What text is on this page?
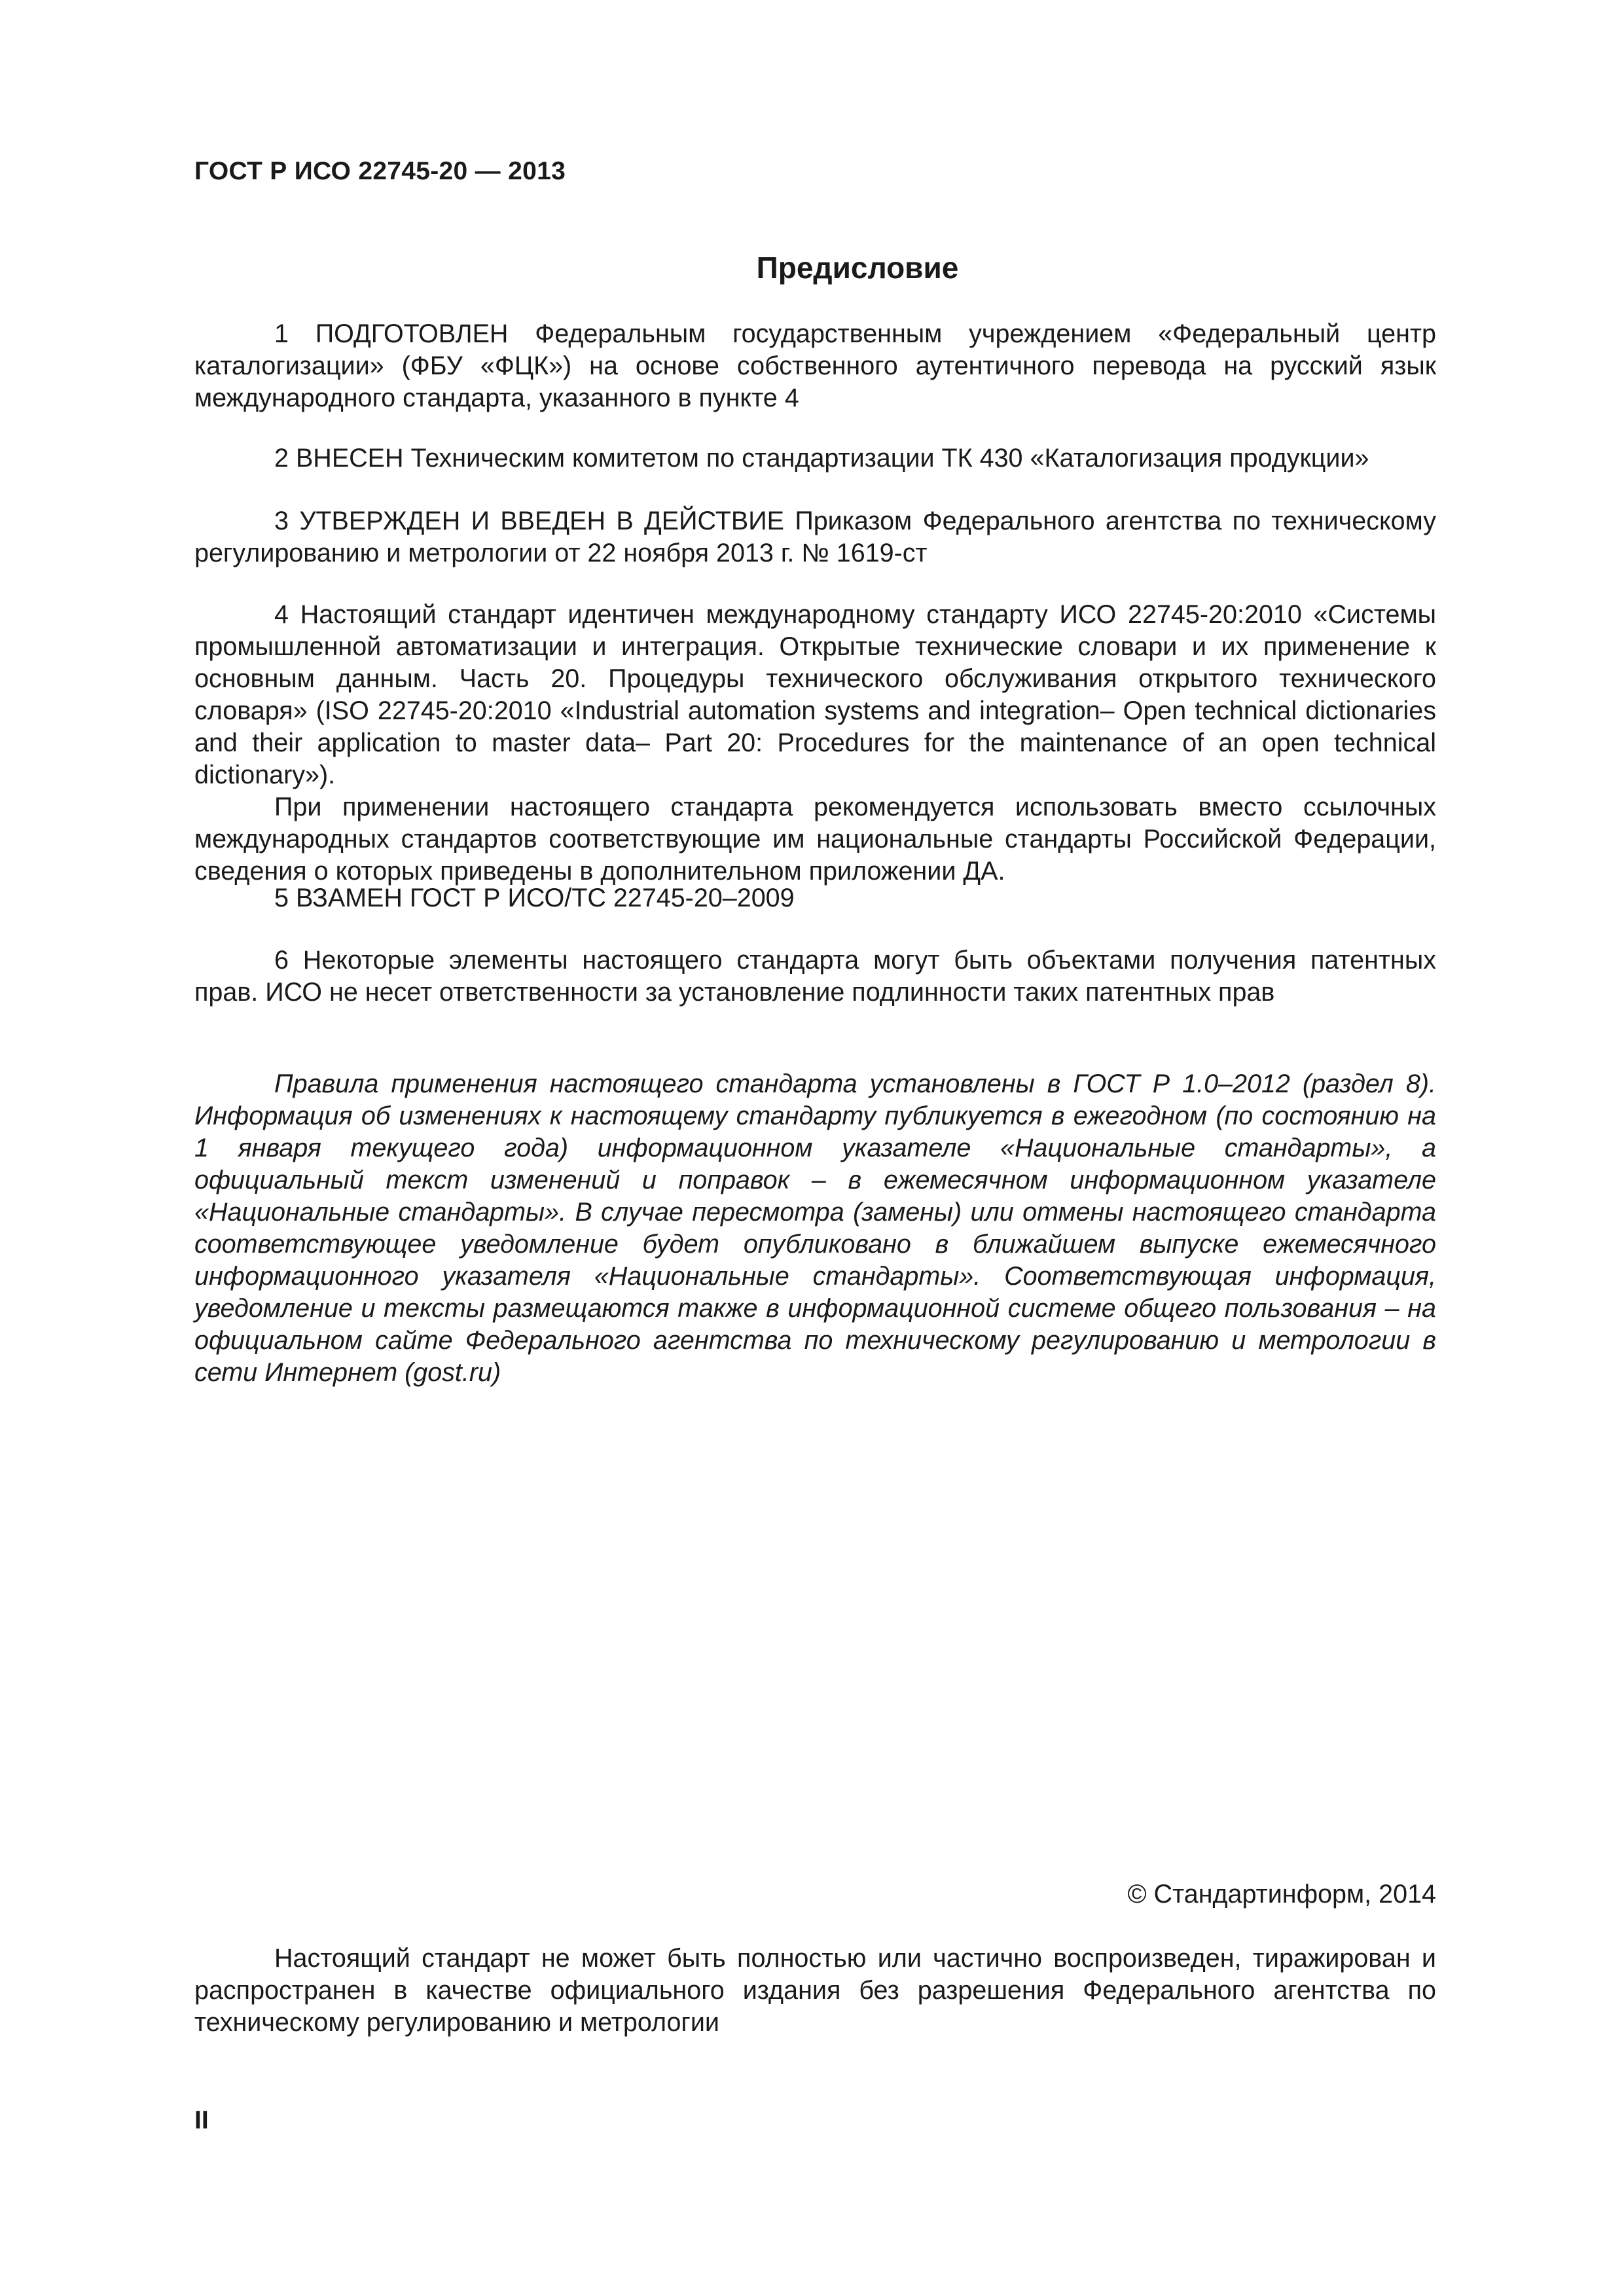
ГОСТ Р ИСО 22745-20 — 2013
Предисловие

1 ПОДГОТОВЛЕН Федеральным государственным учреждением «Федеральный центр каталогизации» (ФБУ «ФЦК») на основе собственного аутентичного перевода на русский язык международного стандарта, указанного в пункте 4

2 ВНЕСЕН Техническим комитетом по стандартизации ТК 430 «Каталогизация продукции»

3 УТВЕРЖДЕН И ВВЕДЕН В ДЕЙСТВИЕ Приказом Федерального агентства по техническому регулированию и метрологии от 22 ноября 2013 г. № 1619-ст

4 Настоящий стандарт идентичен международному стандарту ИСО 22745-20:2010 «Системы промышленной автоматизации и интеграция. Открытые технические словари и их применение к основным данным. Часть 20. Процедуры технического обслуживания открытого технического словаря» (ISO 22745-20:2010 «Industrial automation systems and integration– Open technical dictionaries and their application to master data– Part 20: Procedures for the maintenance of an open technical dictionary»).

При применении настоящего стандарта рекомендуется использовать вместо ссылочных международных стандартов соответствующие им национальные стандарты Российской Федерации, сведения о которых приведены в дополнительном приложении ДА.

5 ВЗАМЕН ГОСТ Р ИСО/ТС 22745-20–2009

6 Некоторые элементы настоящего стандарта могут быть объектами получения патентных прав. ИСО не несет ответственности за установление подлинности таких патентных прав

Правила применения настоящего стандарта установлены в ГОСТ Р 1.0–2012 (раздел 8). Информация об изменениях к настоящему стандарту публикуется в ежегодном (по состоянию на 1 января текущего года) информационном указателе «Национальные стандарты», а официальный текст изменений и поправок – в ежемесячном информационном указателе «Национальные стандарты». В случае пересмотра (замены) или отмены настоящего стандарта соответствующее уведомление будет опубликовано в ближайшем выпуске ежемесячного информационного указателя «Национальные стандарты». Соответствующая информация, уведомление и тексты размещаются также в информационной системе общего пользования – на официальном сайте Федерального агентства по техническому регулированию и метрологии в сети Интернет (gost.ru)

© Стандартинформ, 2014

Настоящий стандарт не может быть полностью или частично воспроизведен, тиражирован и распространен в качестве официального издания без разрешения Федерального агентства по техническому регулированию и метрологии

II
